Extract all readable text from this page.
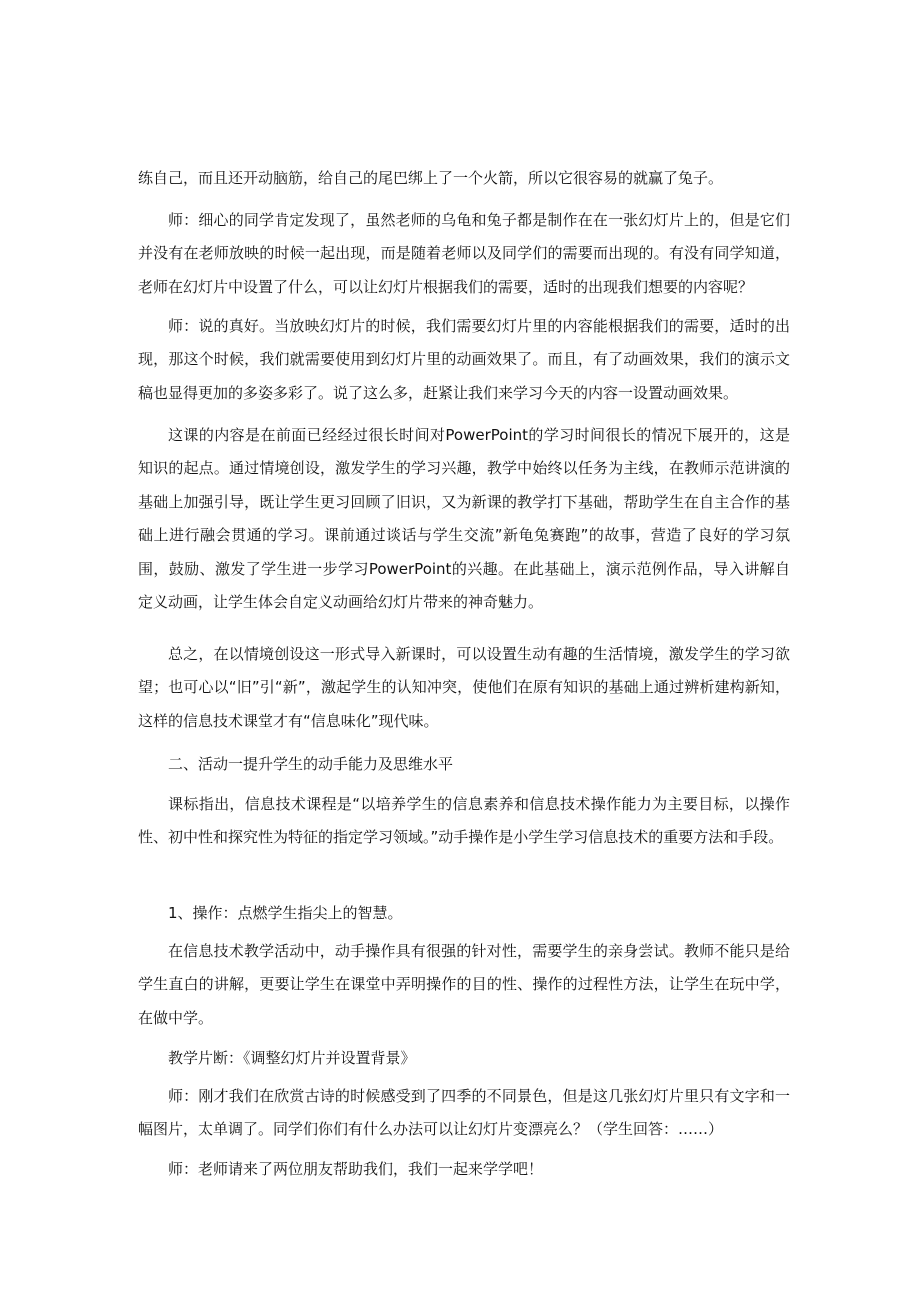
练自己，而且还开动脑筋，给自己的尾巴绑上了一个火箭，所以它很容易的就赢了兔子。

师：细心的同学肯定发现了，虽然老师的乌龟和兔子都是制作在在一张幻灯片上的，但是它们并没有在老师放映的时候一起出现，而是随着老师以及同学们的需要而出现的。有没有同学知道，老师在幻灯片中设置了什么，可以让幻灯片根据我们的需要，适时的出现我们想要的内容呢？

师：说的真好。当放映幻灯片的时候，我们需要幻灯片里的内容能根据我们的需要，适时的出现，那这个时候，我们就需要使用到幻灯片里的动画效果了。而且，有了动画效果，我们的演示文稿也显得更加的多姿多彩了。说了这么多，赶紧让我们来学习今天的内容一设置动画效果。

这课的内容是在前面已经经过很长时间对PowerPoint的学习时间很长的情况下展开的，这是知识的起点。通过情境创设，激发学生的学习兴趣，教学中始终以任务为主线，在教师示范讲演的基础上加强引导，既让学生更习回顾了旧识，又为新课的教学打下基础，帮助学生在自主合作的基础上进行融会贯通的学习。课前通过谈话与学生交流”新龟兔赛跑”的故事，营造了良好的学习氛围，鼓励、激发了学生进一步学习PowerPoint的兴趣。在此基础上，演示范例作品，导入讲解自定义动画，让学生体会自定义动画给幻灯片带来的神奇魅力。

总之，在以情境创设这一形式导入新课时，可以设置生动有趣的生活情境，激发学生的学习欲望；也可心以“旧”引“新”，激起学生的认知冲突，使他们在原有知识的基础上通过辨析建构新知，这样的信息技术课堂才有“信息味化”现代味。

二、活动一提升学生的动手能力及思维水平

课标指出，信息技术课程是“以培养学生的信息素养和信息技术操作能力为主要目标，以操作性、初中性和探究性为特征的指定学习领域。”动手操作是小学生学习信息技术的重要方法和手段。

1、操作：点燃学生指尖上的智慧。

在信息技术教学活动中，动手操作具有很强的针对性，需要学生的亲身尝试。教师不能只是给学生直白的讲解，更要让学生在课堂中弄明操作的目的性、操作的过程性方法，让学生在玩中学，在做中学。

教学片断：《调整幻灯片并设置背景》

师：刚才我们在欣赏古诗的时候感受到了四季的不同景色，但是这几张幻灯片里只有文字和一幅图片，太单调了。同学们你们有什么办法可以让幻灯片变漂亮么？（学生回答：……）

师：老师请来了两位朋友帮助我们，我们一起来学学吧！
